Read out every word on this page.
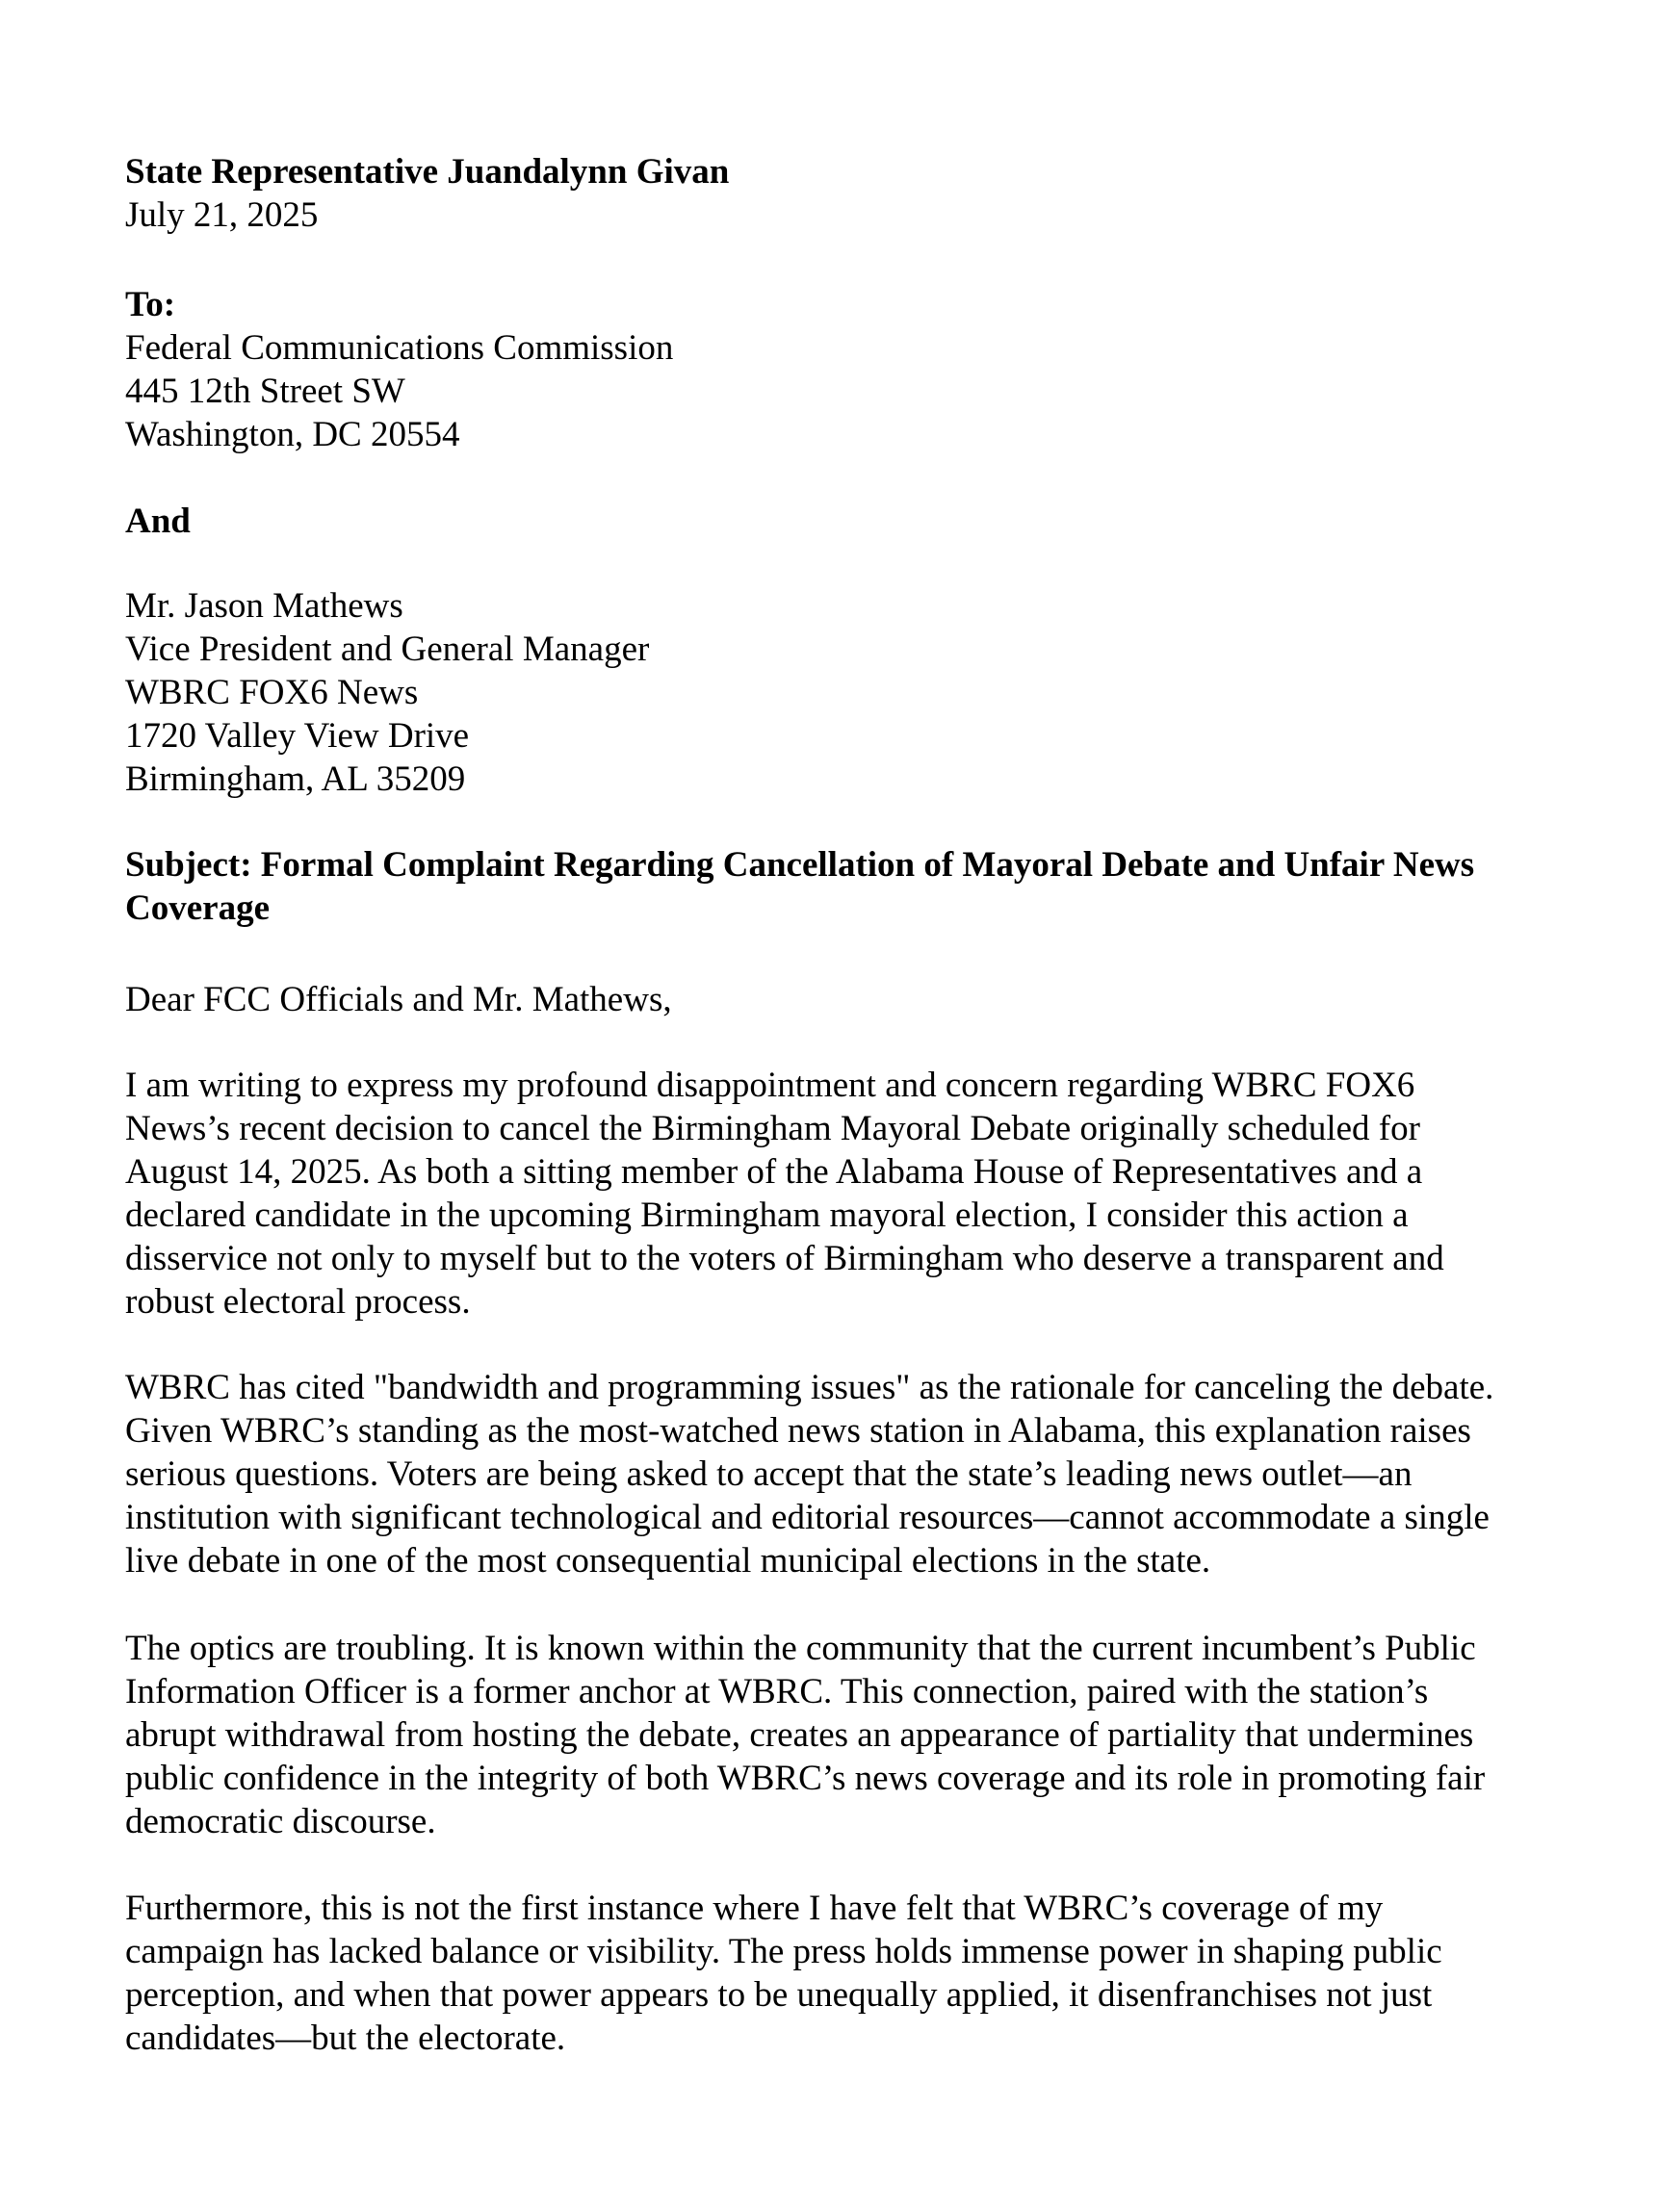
State Representative Juandalynn Givan
July 21, 2025
To:
Federal Communications Commission
445 12th Street SW
Washington, DC 20554
And
Mr. Jason Mathews
Vice President and General Manager
WBRC FOX6 News
1720 Valley View Drive
Birmingham, AL 35209
Subject: Formal Complaint Regarding Cancellation of Mayoral Debate and Unfair News
Coverage
Dear FCC Officials and Mr. Mathews,
I am writing to express my profound disappointment and concern regarding WBRC FOX6
News’s recent decision to cancel the Birmingham Mayoral Debate originally scheduled for
August 14, 2025. As both a sitting member of the Alabama House of Representatives and a
declared candidate in the upcoming Birmingham mayoral election, I consider this action a
disservice not only to myself but to the voters of Birmingham who deserve a transparent and
robust electoral process.
WBRC has cited "bandwidth and programming issues" as the rationale for canceling the debate.
Given WBRC’s standing as the most-watched news station in Alabama, this explanation raises
serious questions. Voters are being asked to accept that the state’s leading news outlet—an
institution with significant technological and editorial resources—cannot accommodate a single
live debate in one of the most consequential municipal elections in the state.
The optics are troubling. It is known within the community that the current incumbent’s Public
Information Officer is a former anchor at WBRC. This connection, paired with the station’s
abrupt withdrawal from hosting the debate, creates an appearance of partiality that undermines
public confidence in the integrity of both WBRC’s news coverage and its role in promoting fair
democratic discourse.
Furthermore, this is not the first instance where I have felt that WBRC’s coverage of my
campaign has lacked balance or visibility. The press holds immense power in shaping public
perception, and when that power appears to be unequally applied, it disenfranchises not just
candidates—but the electorate.
